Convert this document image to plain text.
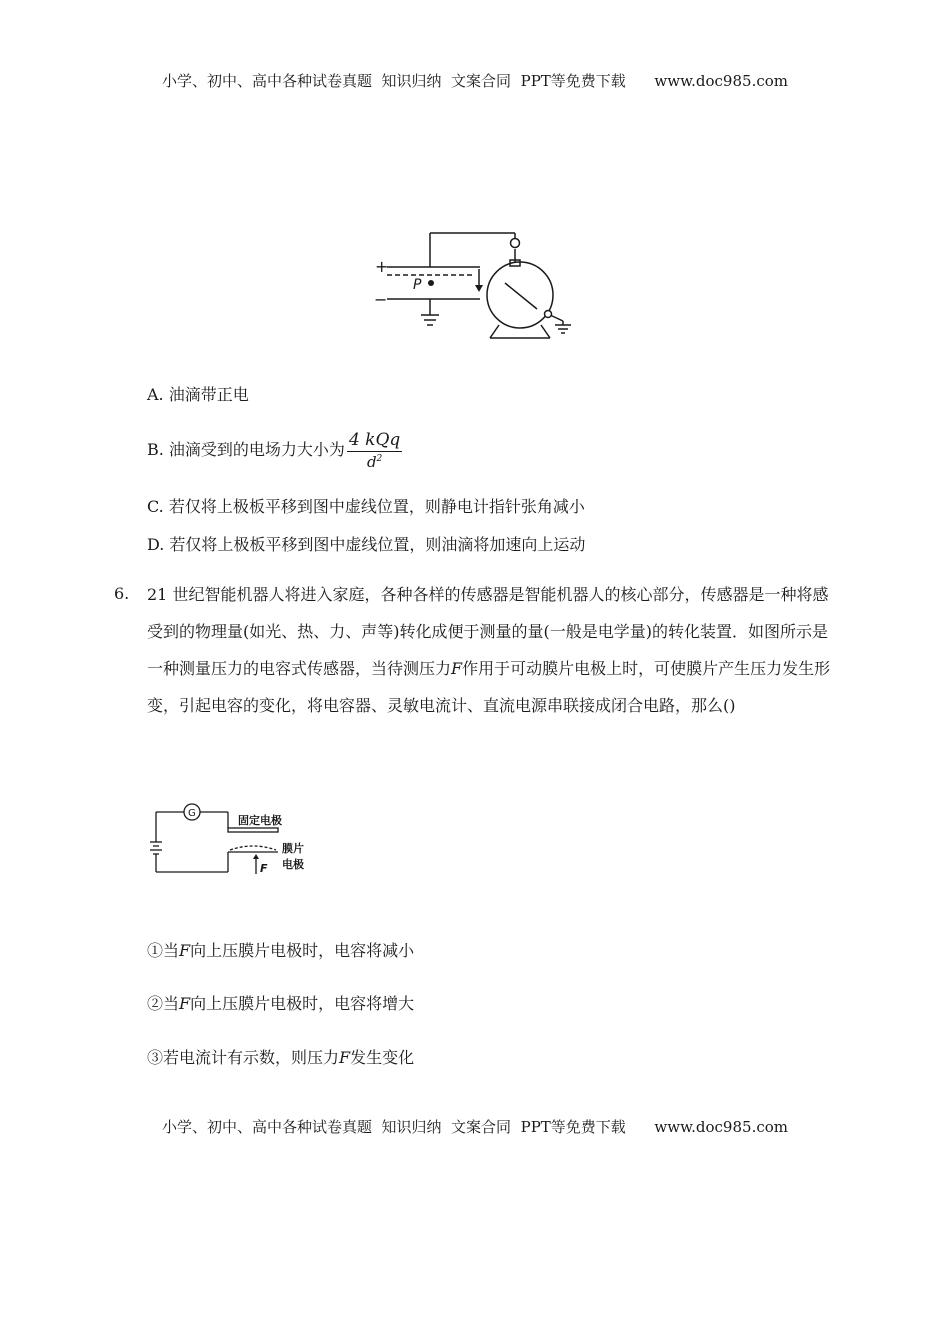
小学、初中、高中各种试卷真题  知识归纳  文案合同  PPT等免费下载      www.doc985.com
+
−
P
A. 油滴带正电
B. 油滴受到的电场力大小为 $\frac{\text{4 kQq}}{d^2}$
C. 若仅将上极板平移到图中虚线位置，则静电计指针张角减小
D. 若仅将上极板平移到图中虚线位置，则油滴将加速向上运动
6. 21 世纪智能机器人将进入家庭，各种各样的传感器是智能机器人的核心部分，传感器是一种将感受到的物理量(如光、热、力、声等)转化成便于测量的量(一般是电学量)的转化装置．如图所示是一种测量压力的电容式传感器，当待测压力F作用于可动膜片电极上时，可使膜片产生压力发生形变，引起电容的变化，将电容器、灵敏电流计、直流电源串联接成闭合电路，那么()
G
固定电极
膜片
电极
F
①当F向上压膜片电极时，电容将减小
②当F向上压膜片电极时，电容将增大
③若电流计有示数，则压力F发生变化
小学、初中、高中各种试卷真题  知识归纳  文案合同  PPT等免费下载      www.doc985.com
